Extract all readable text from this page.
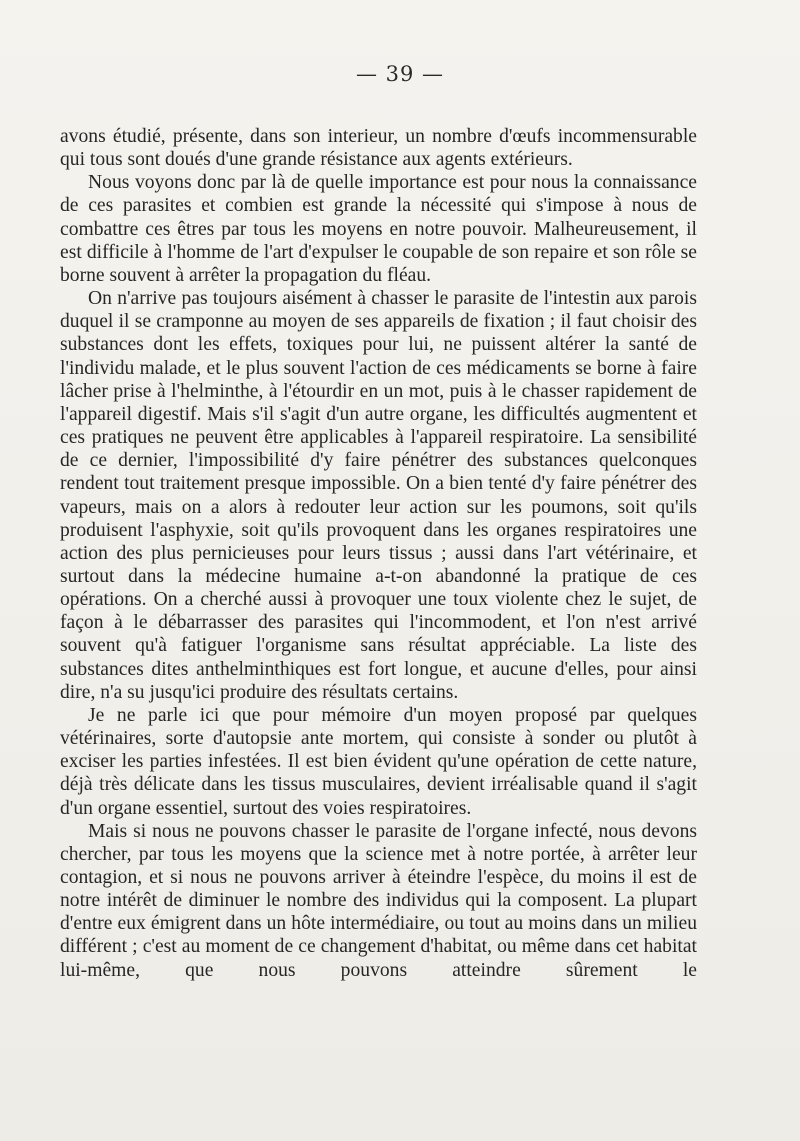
— 39 —

avons étudié, présente, dans son interieur, un nombre d'œufs incommensurable qui tous sont doués d'une grande résistance aux agents extérieurs.

Nous voyons donc par là de quelle importance est pour nous la connaissance de ces parasites et combien est grande la nécessité qui s'impose à nous de combattre ces êtres par tous les moyens en notre pouvoir. Malheureusement, il est difficile à l'homme de l'art d'expulser le coupable de son repaire et son rôle se borne souvent à arrêter la propagation du fléau.

On n'arrive pas toujours aisément à chasser le parasite de l'intestin aux parois duquel il se cramponne au moyen de ses appareils de fixation ; il faut choisir des substances dont les effets, toxiques pour lui, ne puissent altérer la santé de l'individu malade, et le plus souvent l'action de ces médicaments se borne à faire lâcher prise à l'helminthe, à l'étourdir en un mot, puis à le chasser rapidement de l'appareil digestif. Mais s'il s'agit d'un autre organe, les difficultés augmentent et ces pratiques ne peuvent être applicables à l'appareil respiratoire. La sensibilité de ce dernier, l'impossibilité d'y faire pénétrer des substances quelconques rendent tout traitement presque impossible. On a bien tenté d'y faire pénétrer des vapeurs, mais on a alors à redouter leur action sur les poumons, soit qu'ils produisent l'asphyxie, soit qu'ils provoquent dans les organes respiratoires une action des plus pernicieuses pour leurs tissus ; aussi dans l'art vétérinaire, et surtout dans la médecine humaine a-t-on abandonné la pratique de ces opérations. On a cherché aussi à provoquer une toux violente chez le sujet, de façon à le débarrasser des parasites qui l'incommodent, et l'on n'est arrivé souvent qu'à fatiguer l'organisme sans résultat appréciable. La liste des substances dites anthelminthiques est fort longue, et aucune d'elles, pour ainsi dire, n'a su jusqu'ici produire des résultats certains.

Je ne parle ici que pour mémoire d'un moyen proposé par quelques vétérinaires, sorte d'autopsie ante mortem, qui consiste à sonder ou plutôt à exciser les parties infestées. Il est bien évident qu'une opération de cette nature, déjà très délicate dans les tissus musculaires, devient irréalisable quand il s'agit d'un organe essentiel, surtout des voies respiratoires.

Mais si nous ne pouvons chasser le parasite de l'organe infecté, nous devons chercher, par tous les moyens que la science met à notre portée, à arrêter leur contagion, et si nous ne pouvons arriver à éteindre l'espèce, du moins il est de notre intérêt de diminuer le nombre des individus qui la composent. La plupart d'entre eux émigrent dans un hôte intermédiaire, ou tout au moins dans un milieu différent ; c'est au moment de ce changement d'habitat, ou même dans cet habitat lui-même, que nous pouvons atteindre sûrement le
